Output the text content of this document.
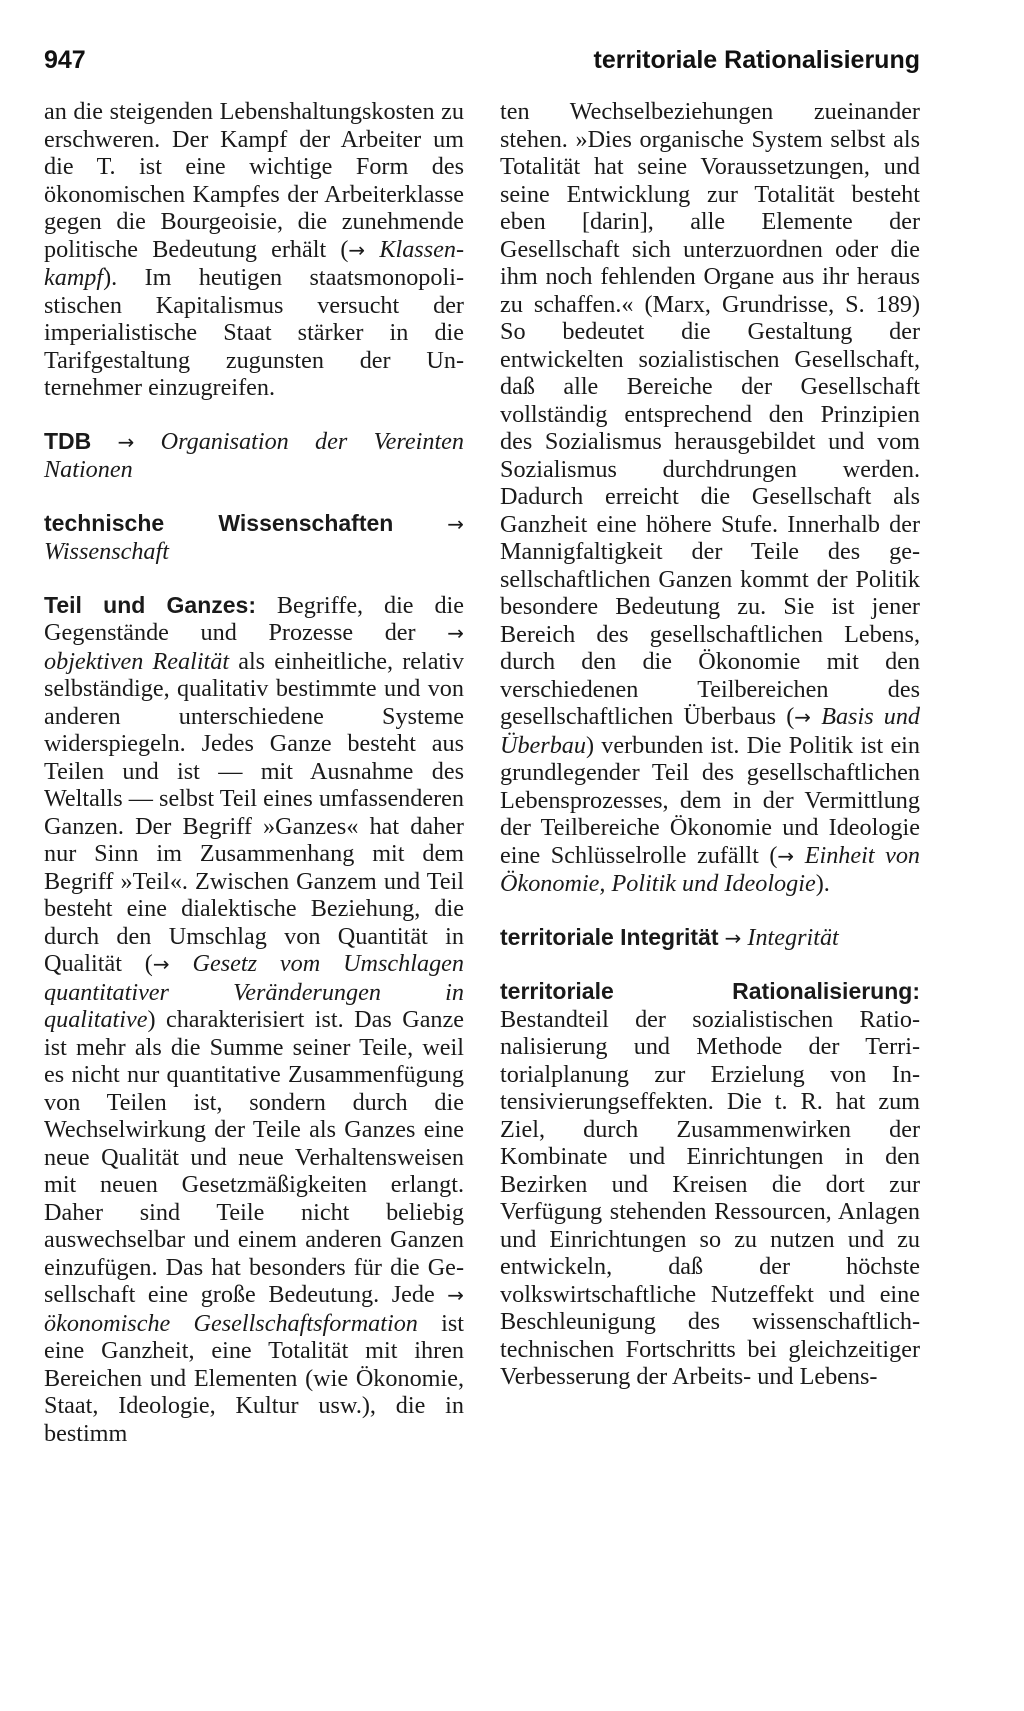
947	territoriale Rationalisierung

an die steigenden Lebenshaltungskosten zu erschweren. Der Kampf der Arbeiter um die T. ist eine wichtige Form des ökonomischen Kampfes der Arbeiterklasse gegen die Bourgeoisie, die zunehmende politische Bedeutung erhält (→ Klassenkampf). Im heutigen staatsmonopolistischen Kapitalismus versucht der imperialistische Staat stärker in die Tarifgestaltung zugunsten der Unternehmer einzugreifen.

TDB → Organisation der Vereinten Nationen

technische Wissenschaften	→ Wissenschaft

Teil und Ganzes: Begriffe, die die Gegenstände und Prozesse der → objektiven Realität als einheitliche, relativ selbständige, qualitativ bestimmte und von anderen unterschiedene Systeme widerspiegeln. Jedes Ganze besteht aus Teilen und ist — mit Ausnahme des Weltalls — selbst Teil eines umfassenderen Ganzen. Der Begriff »Ganzes« hat daher nur Sinn im Zusammenhang mit dem Begriff »Teil«. Zwischen Ganzem und Teil besteht eine dialektische Beziehung, die durch den Umschlag von Quantität in Qualität (→ Gesetz vom Umschlagen quantitativer Veränderungen in qualitative) charakterisiert ist. Das Ganze ist mehr als die Summe seiner Teile, weil es nicht nur quantitative Zusammenfügung von Teilen ist, sondern durch die Wechselwirkung der Teile als Ganzes eine neue Qualität und neue Verhaltensweisen mit neuen Gesetzmäßigkeiten erlangt. Daher sind Teile nicht beliebig auswechselbar und einem anderen Ganzen einzufügen. Das hat besonders für die Gesellschaft eine große Bedeutung. Jede → ökonomische Gesellschaftsformation ist eine Ganzheit, eine Totalität mit ihren Bereichen und Elementen (wie Ökonomie, Staat, Ideologie, Kultur usw.), die in bestimm

ten Wechselbeziehungen zueinander stehen. »Dies organische System selbst als Totalität hat seine Voraussetzungen, und seine Entwicklung zur Totalität besteht eben [darin], alle Elemente der Gesellschaft sich unterzuordnen oder die ihm noch fehlenden Organe aus ihr heraus zu schaffen.« (Marx, Grundrisse, S. 189) So bedeutet die Gestaltung der entwickelten sozialistischen Gesellschaft, daß alle Bereiche der Gesellschaft vollständig entsprechend den Prinzipien des Sozialismus herausgebildet und vom Sozialismus durchdrungen werden. Dadurch erreicht die Gesellschaft als Ganzheit eine höhere Stufe. Innerhalb der Mannigfaltigkeit der Teile des gesellschaftlichen Ganzen kommt der Politik besondere Bedeutung zu. Sie ist jener Bereich des gesellschaftlichen Lebens, durch den die Ökonomie mit den verschiedenen Teilbereichen des gesellschaftlichen Überbaus (→ Basis und Überbau) verbunden ist. Die Politik ist ein grundlegender Teil des gesellschaftlichen Lebensprozesses, dem in der Vermittlung der Teilbereiche Ökonomie und Ideologie eine Schlüsselrolle zufällt (→ Einheit von Ökonomie, Politik und Ideologie).

territoriale Integrität → Integrität

territoriale Rationalisierung: Bestandteil der sozialistischen Rationalisierung und Methode der Territorialplanung zur Erzielung von Intensivierungseffekten. Die t. R. hat zum Ziel, durch Zusammenwirken der Kombinate und Einrichtungen in den Bezirken und Kreisen die dort zur Verfügung stehenden Ressourcen, Anlagen und Einrichtungen so zu nutzen und zu entwickeln, daß der höchste volkswirtschaftliche Nutzeffekt und eine Beschleunigung des wissenschaftlich-technischen Fortschritts bei gleichzeitiger Verbesserung der Arbeits- und Lebens-
